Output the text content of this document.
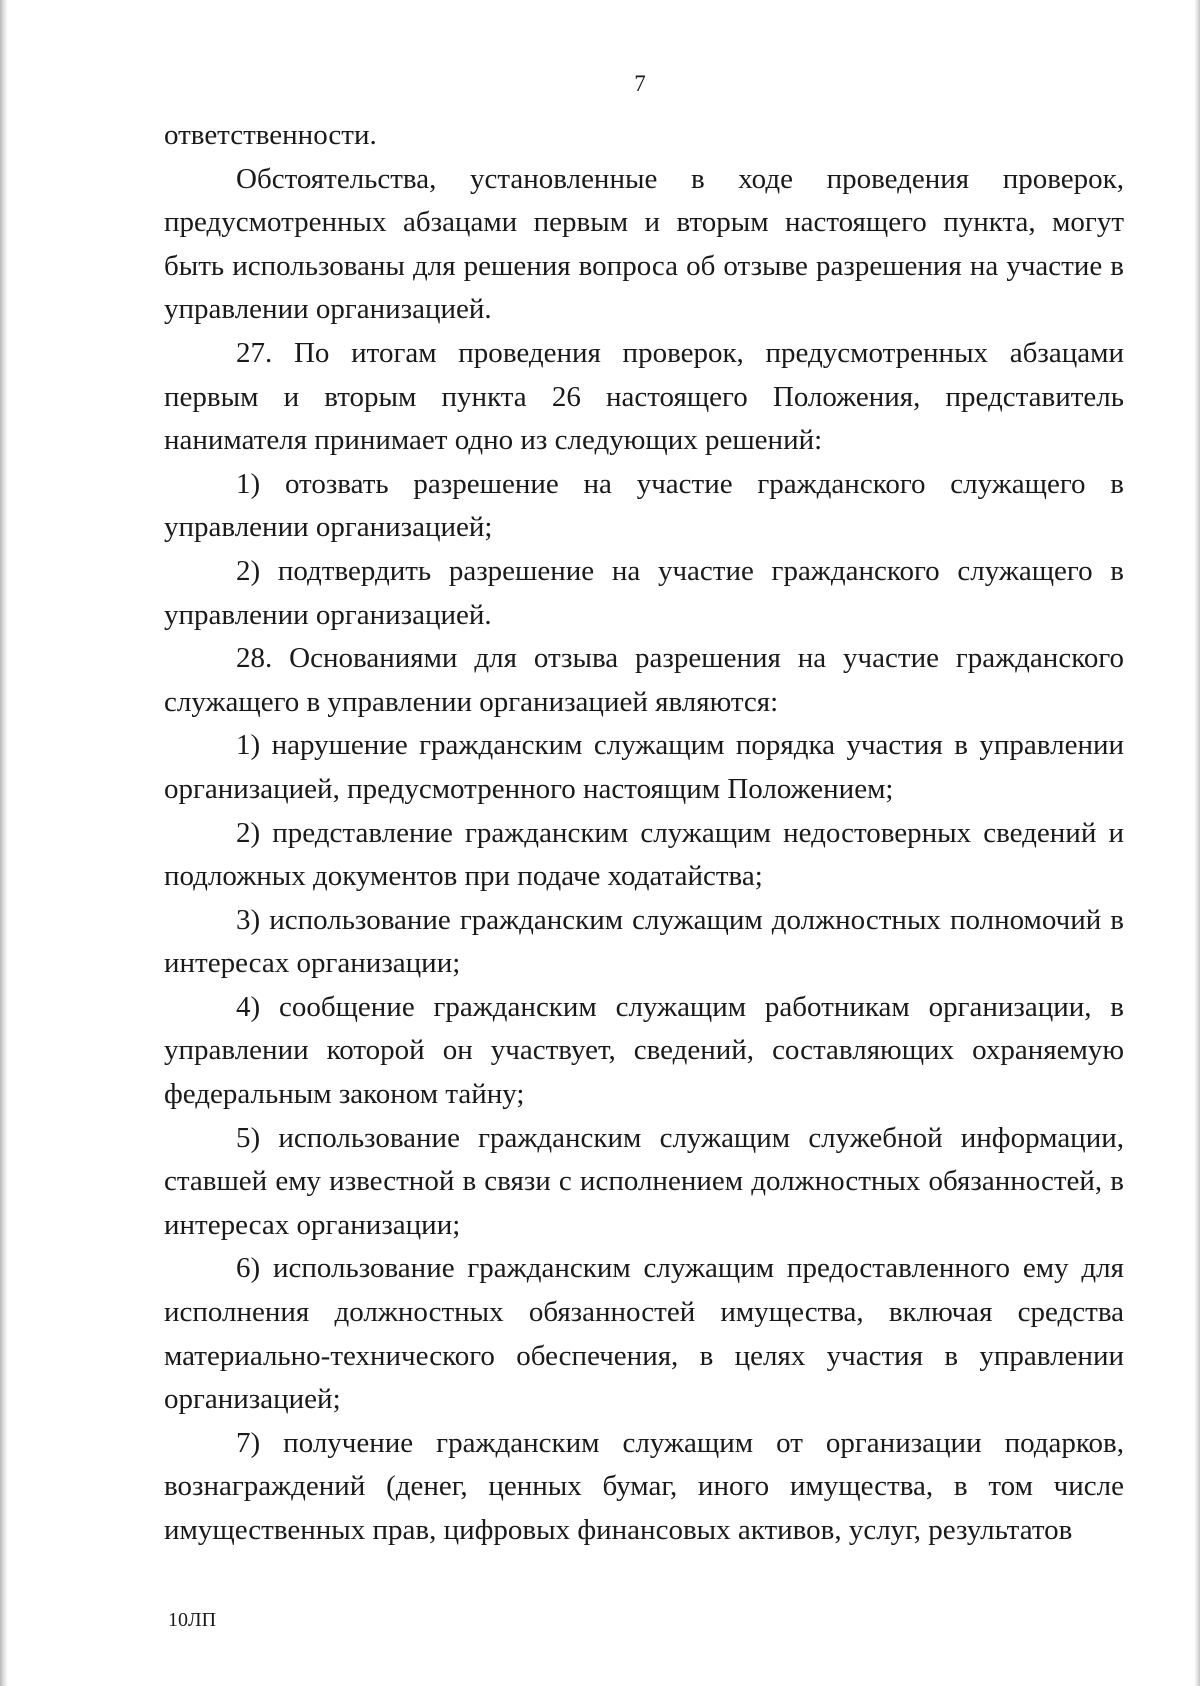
7

ответственности.

Обстоятельства, установленные в ходе проведения проверок, предусмотренных абзацами первым и вторым настоящего пункта, могут быть использованы для решения вопроса об отзыве разрешения на участие в управлении организацией.

27. По итогам проведения проверок, предусмотренных абзацами первым и вторым пункта 26 настоящего Положения, представитель нанимателя принимает одно из следующих решений:

1) отозвать разрешение на участие гражданского служащего в управлении организацией;

2) подтвердить разрешение на участие гражданского служащего в управлении организацией.

28. Основаниями для отзыва разрешения на участие гражданского служащего в управлении организацией являются:

1) нарушение гражданским служащим порядка участия в управлении организацией, предусмотренного настоящим Положением;

2) представление гражданским служащим недостоверных сведений и подложных документов при подаче ходатайства;

3) использование гражданским служащим должностных полномочий в интересах организации;

4) сообщение гражданским служащим работникам организации, в управлении которой он участвует, сведений, составляющих охраняемую федеральным законом тайну;

5) использование гражданским служащим служебной информации, ставшей ему известной в связи с исполнением должностных обязанностей, в интересах организации;

6) использование гражданским служащим предоставленного ему для исполнения должностных обязанностей имущества, включая средства материально-технического обеспечения, в целях участия в управлении организацией;

7) получение гражданским служащим от организации подарков, вознаграждений (денег, ценных бумаг, иного имущества, в том числе имущественных прав, цифровых финансовых активов, услуг, результатов

10ЛП
